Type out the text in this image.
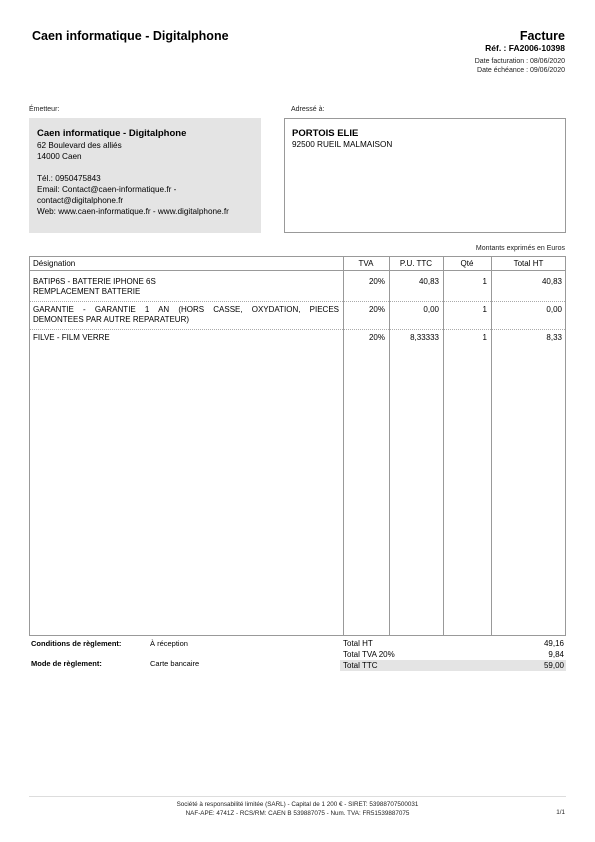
Caen informatique - Digitalphone	Facture
Réf. : FA2006-10398
Date facturation : 08/06/2020
Date échéance : 09/06/2020
Émetteur:
Caen informatique - Digitalphone
62 Boulevard des alliés
14000 Caen
Tél.: 0950475843
Email: Contact@caen-informatique.fr -
contact@digitalphone.fr
Web: www.caen-informatique.fr - www.digitalphone.fr
Adressé à:
PORTOIS ELIE
92500 RUEIL MALMAISON
Montants exprimés en Euros
Désignation	TVA	P.U. TTC	Qté	Total HT
BATIP6S - BATTERIE IPHONE 6S
REMPLACEMENT BATTERIE
20%	40,83	1	40,83
GARANTIE - GARANTIE 1 AN (HORS CASSE, OXYDATION, PIECES
DEMONTEES PAR AUTRE REPARATEUR)
20%	0,00	1	0,00
FILVE - FILM VERRE	20%	8,33333	1	8,33
Conditions de règlement:	À réception
Mode de règlement:	Carte bancaire
Total HT	49,16
Total TVA 20%	9,84
Total TTC	59,00
Société à responsabilité limitée (SARL) - Capital de 1 200 € - SIRET: 53988707500031
NAF-APE: 4741Z - RCS/RM: CAEN B 539887075 - Num. TVA: FR51539887075	1/1
